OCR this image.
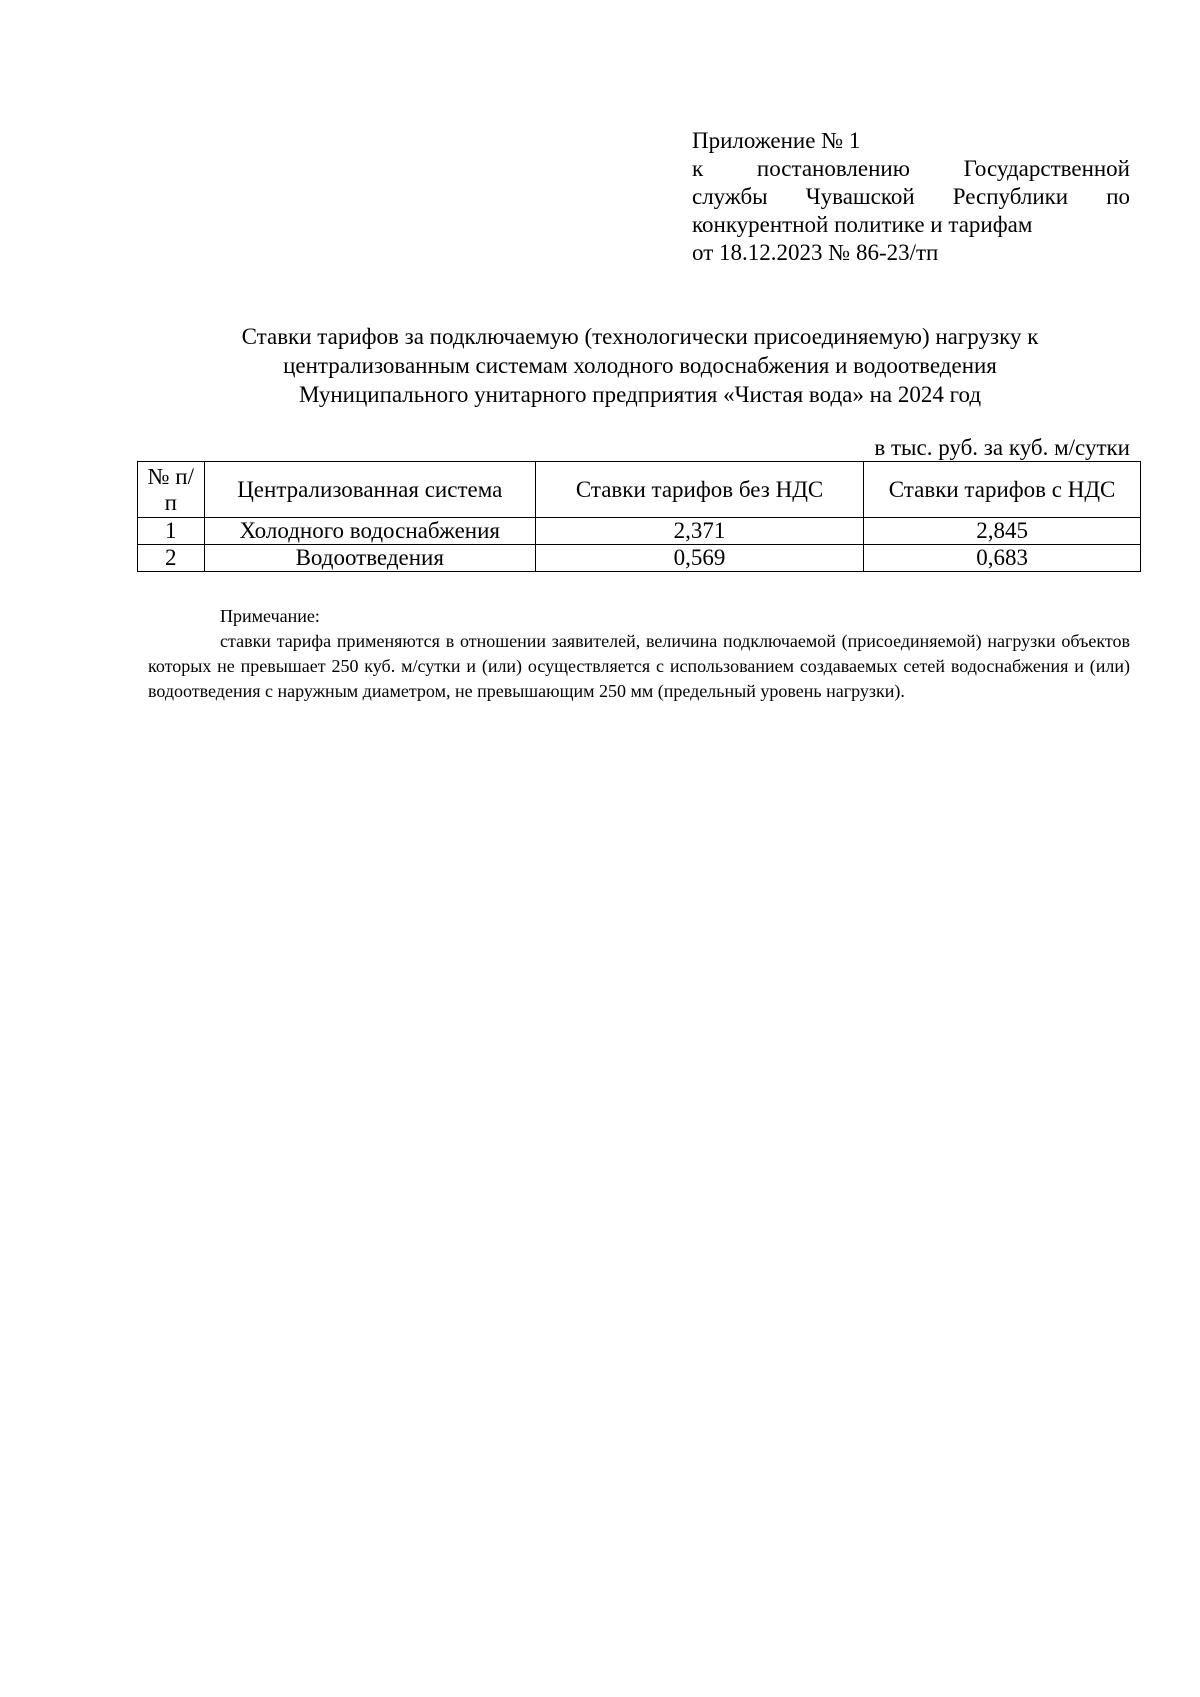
Приложение № 1
к постановлению Государственной
службы Чувашской Республики по
конкурентной политике и тарифам
от 18.12.2023 № 86-23/тп
Ставки тарифов за подключаемую (технологически присоединяемую) нагрузку к
централизованным системам холодного водоснабжения и водоотведения
Муниципального унитарного предприятия «Чистая вода» на 2024 год
в тыс. руб. за куб. м/сутки
№ п/п	Централизованная система	Ставки тарифов без НДС	Ставки тарифов с НДС
1	Холодного водоснабжения	2,371	2,845
2	Водоотведения	0,569	0,683
Примечание:
ставки тарифа применяются в отношении заявителей, величина подключаемой (присоединяемой) нагрузки объектов которых не превышает 250 куб. м/сутки и (или) осуществляется с использованием создаваемых сетей водоснабжения и (или) водоотведения с наружным диаметром, не превышающим 250 мм (предельный уровень нагрузки).
